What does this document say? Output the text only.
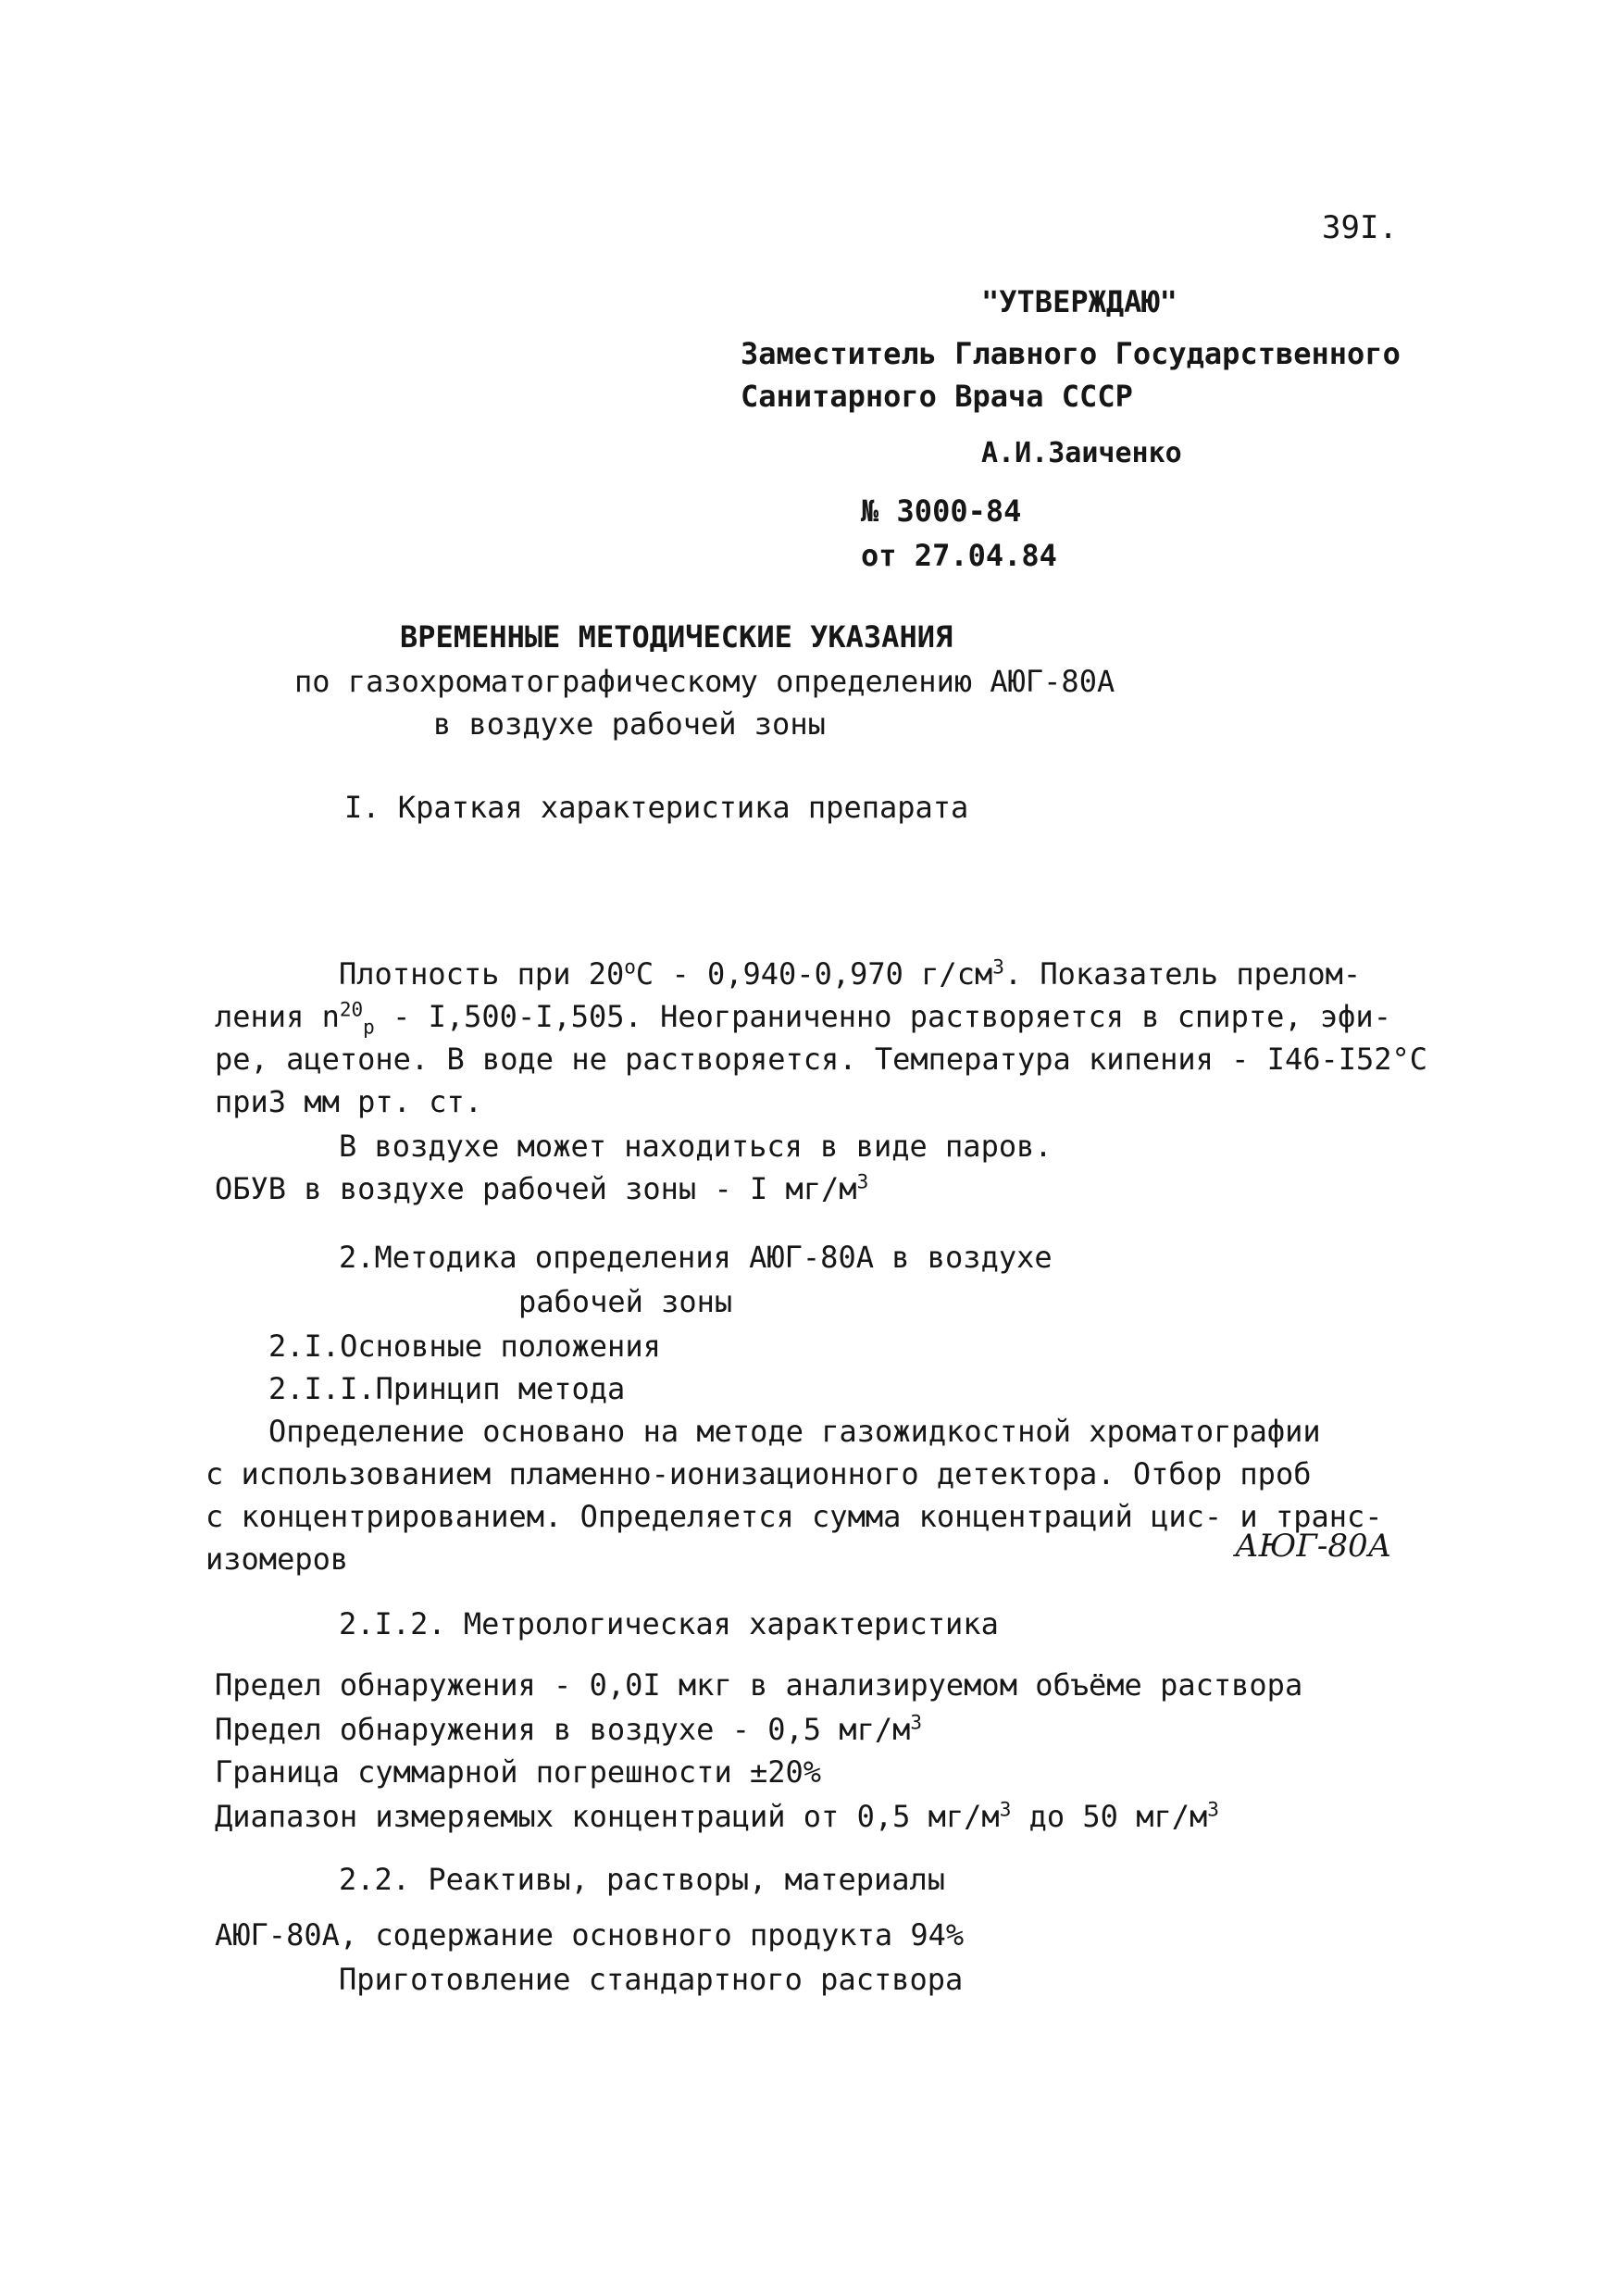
39I.
"УТВЕРЖДАЮ"
Заместитель Главного Государственного
Санитарного Врача СССР
А.И.Заиченко
№ 3000-84
от 27.04.84
ВРЕМЕННЫЕ МЕТОДИЧЕСКИЕ УКАЗАНИЯ
по газохроматографическому определению АЮГ-80А
в воздухе рабочей зоны
I. Краткая характеристика препарата
Плотность при 20$^o$С - 0,940-0,970 $г/см^3$. Показатель прелом-
ления $n^{20}_р - I,500-I,505$. Неограниченно растворяется в спирте, эфи-
ре, ацетоне. В воде не растворяется. Температура кипения - I46-I52°С
при3 мм рт. ст.
В воздухе может находиться в виде паров.
ОБУВ в воздухе рабочей зоны - I $мг/м^3$
2.Методика определения АЮГ-80А в воздухе
рабочей зоны
2.I.Основные положения
2.I.I.Принцип метода
Определение основано на методе газожидкостной хроматографии
с использованием пламенно-ионизационного детектора. Отбор проб
с концентрированием. Определяется сумма концентраций цис- и транс-
изомеров	АЮГ-80А
2.I.2. Метрологическая характеристика
Предел обнаружения - 0,0I мкг в анализируемом объёме раствора
Предел обнаружения в воздухе - 0,5 $мг/м^3$
Граница суммарной погрешности ±20%
Диапазон измеряемых концентраций от 0,5 $мг/м^3$ до 50 $мг/м^3$
2.2. Реактивы, растворы, материалы
АЮГ-80А, содержание основного продукта 94%
Приготовление стандартного раствора
